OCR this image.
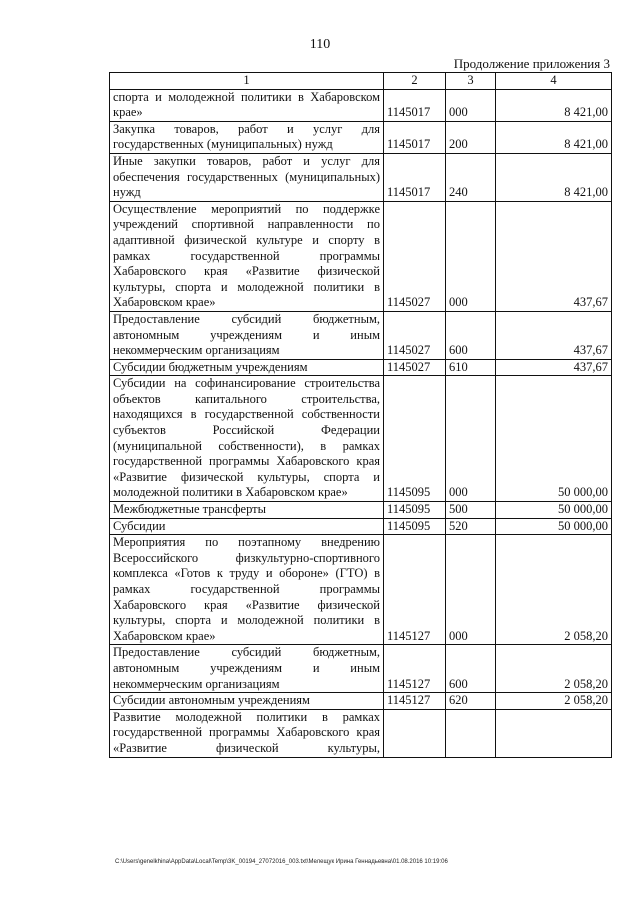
110
Продолжение приложения 3
1	2	3	4
спорта и молодежной политики в Хабаровском крае»	1145017	000	8 421,00
Закупка товаров, работ и услуг для государственных (муниципальных) нужд	1145017	200	8 421,00
Иные закупки товаров, работ и услуг для обеспечения государственных (муниципальных) нужд	1145017	240	8 421,00
Осуществление мероприятий по поддержке учреждений спортивной направленности по адаптивной физической культуре и спорту в рамках государственной программы Хабаровского края «Развитие физической культуры, спорта и молодежной политики в Хабаровском крае»	1145027	000	437,67
Предоставление субсидий бюджетным, автономным учреждениям и иным некоммерческим организациям	1145027	600	437,67
Субсидии бюджетным учреждениям	1145027	610	437,67
Субсидии на софинансирование строительства объектов капитального строительства, находящихся в государственной собственности субъектов Российской Федерации (муниципальной собственности), в рамках государственной программы Хабаровского края «Развитие физической культуры, спорта и молодежной политики в Хабаровском крае»	1145095	000	50 000,00
Межбюджетные трансферты	1145095	500	50 000,00
Субсидии	1145095	520	50 000,00
Мероприятия по поэтапному внедрению Всероссийского физкультурно-спортивного комплекса «Готов к труду и обороне» (ГТО) в рамках государственной программы Хабаровского края «Развитие физической культуры, спорта и молодежной политики в Хабаровском крае»	1145127	000	2 058,20
Предоставление субсидий бюджетным, автономным учреждениям и иным некоммерческим организациям	1145127	600	2 058,20
Субсидии автономным учреждениям	1145127	620	2 058,20
Развитие молодежной политики в рамках государственной программы Хабаровского края «Развитие физической культуры,			
C:\Users\genelkhina\AppData\Local\Temp\3K_00194_27072016_003.txt\Мелещук Ирина Геннадьевна\01.08.2016 10:19:06
